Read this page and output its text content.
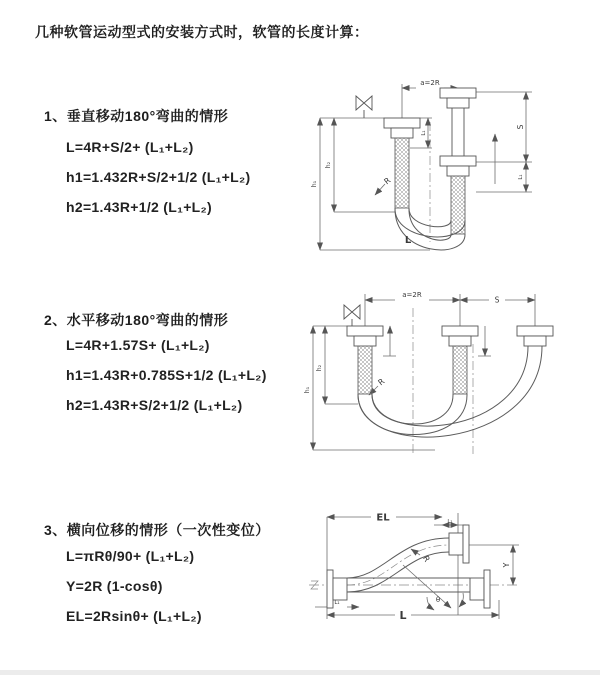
几种软管运动型式的安装方式时，软管的长度计算：
1、垂直移动180°弯曲的情形
L=4R+S/2+ (L₁+L₂)
h1=1.432R+S/2+1/2 (L₁+L₂)
h2=1.43R+1/2 (L₁+L₂)
2、水平移动180°弯曲的情形
L=4R+1.57S+ (L₁+L₂)
h1=1.43R+0.785S+1/2 (L₁+L₂)
h2=1.43R+S/2+1/2 (L₁+L₂)
3、横向位移的情形（一次性变位）
L=πRθ/90+ (L₁+L₂)
Y=2R (1-cosθ)
EL=2Rsinθ+ (L₁+L₂)
a=2R
S
L₁
L₁
h₁
h₂
R
L
a=2R
S
h₁
h₂
R
EL	L₁
Y
R
θ
L
L₁
